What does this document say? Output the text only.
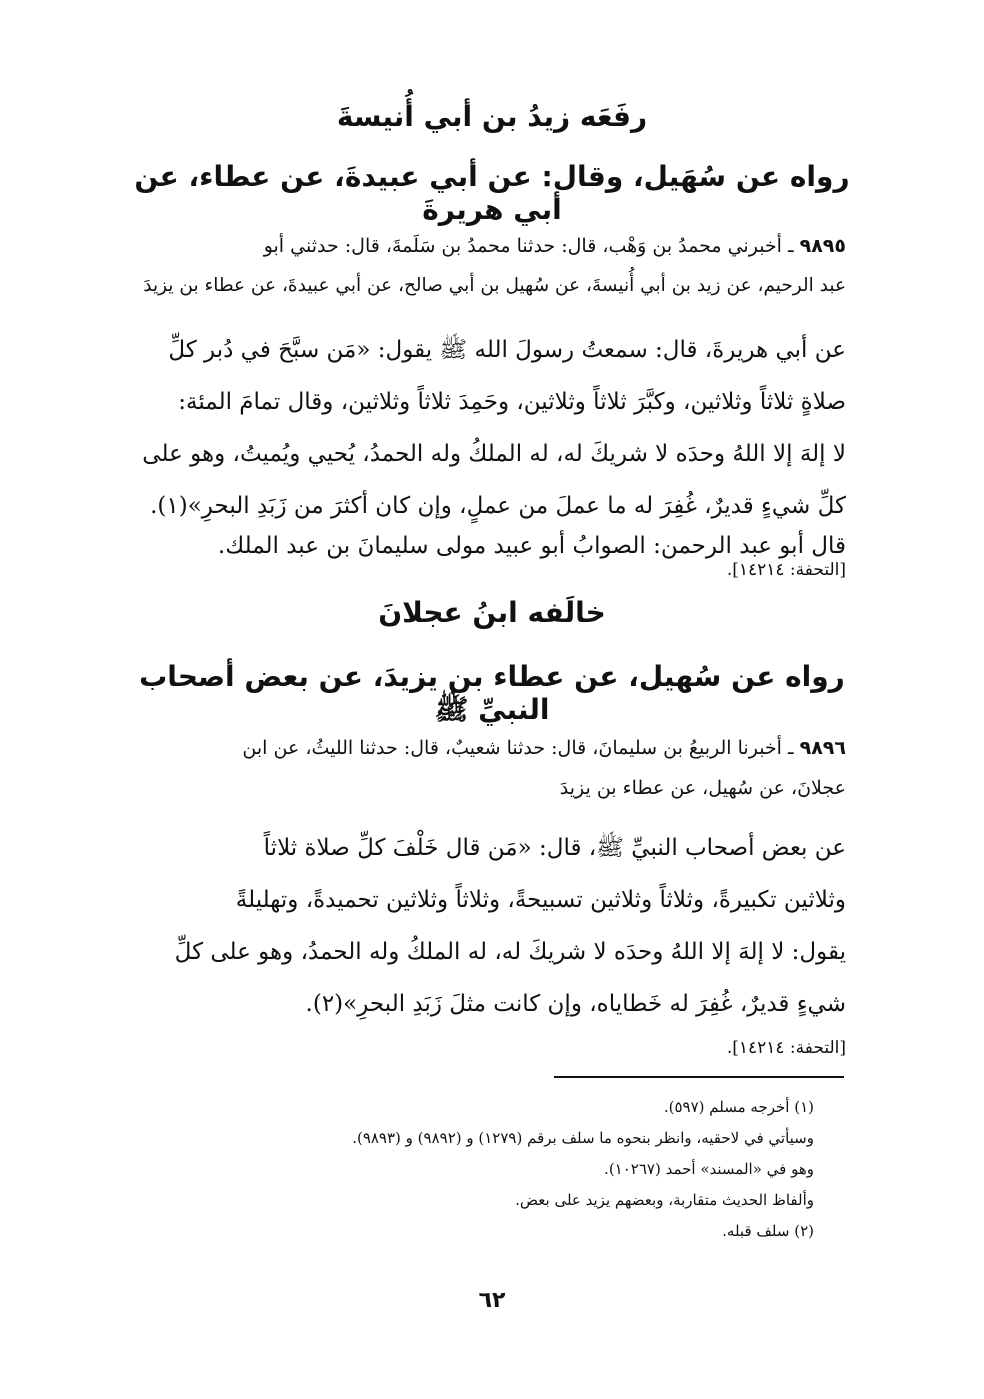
رفَعَه زيدُ بن أبي أُنيسةَ
رواه عن سُهَيل، وقال: عن أبي عبيدةَ، عن عطاء، عن أبي هريرةَ
٩٨٩٥ ـ أخبرني محمدُ بن وَهْب، قال: حدثنا محمدُ بن سَلَمةَ، قال: حدثني أبو
عبد الرحيم، عن زيد بن أبي أُنيسةَ، عن سُهيل بن أبي صالح، عن أبي عبيدةَ، عن عطاء بن يزيدَ
عن أبي هريرةَ، قال: سمعتُ رسولَ الله ﷺ يقول: «مَن سبَّحَ في دُبر كلِّ
صلاةٍ ثلاثاً وثلاثين، وكبَّرَ ثلاثاً وثلاثين، وحَمِدَ ثلاثاً وثلاثين، وقال تمامَ المئة:
لا إلهَ إلا اللهُ وحدَه لا شريكَ له، له الملكُ وله الحمدُ، يُحيي ويُميتُ، وهو على
كلِّ شيءٍ قديرٌ، غُفِرَ له ما عملَ من عملٍ، وإن كان أكثرَ من زَبَدِ البحرِ»(١).
قال أبو عبد الرحمن: الصوابُ أبو عبيد مولى سليمانَ بن عبد الملك.
[التحفة: ١٤٢١٤].
خالَفه ابنُ عجلانَ
رواه عن سُهيل، عن عطاء بن يزيدَ، عن بعض أصحاب النبيِّ ﷺ
٩٨٩٦ ـ أخبرنا الربيعُ بن سليمانَ، قال: حدثنا شعيبٌ، قال: حدثنا الليثُ، عن ابن
عجلانَ، عن سُهيل، عن عطاء بن يزيدَ
عن بعض أصحاب النبيِّ ﷺ، قال: «مَن قال خَلْفَ كلِّ صلاة ثلاثاً
وثلاثين تكبيرةً، وثلاثاً وثلاثين تسبيحةً، وثلاثاً وثلاثين تحميدةً، وتهليلةً
يقول: لا إلهَ إلا اللهُ وحدَه لا شريكَ له، له الملكُ وله الحمدُ، وهو على كلِّ
شيءٍ قديرٌ، غُفِرَ له خَطاياه، وإن كانت مثلَ زَبَدِ البحرِ»(٢).
[التحفة: ١٤٢١٤].
(١) أخرجه مسلم (٥٩٧).
وسيأتي في لاحقيه، وانظر بنحوه ما سلف برقم (١٢٧٩) و (٩٨٩٢) و (٩٨٩٣).
وهو في «المسند» أحمد (١٠٢٦٧).
وألفاظ الحديث متقاربة، وبعضهم يزيد على بعض.
(٢) سلف قبله.
٦٢
